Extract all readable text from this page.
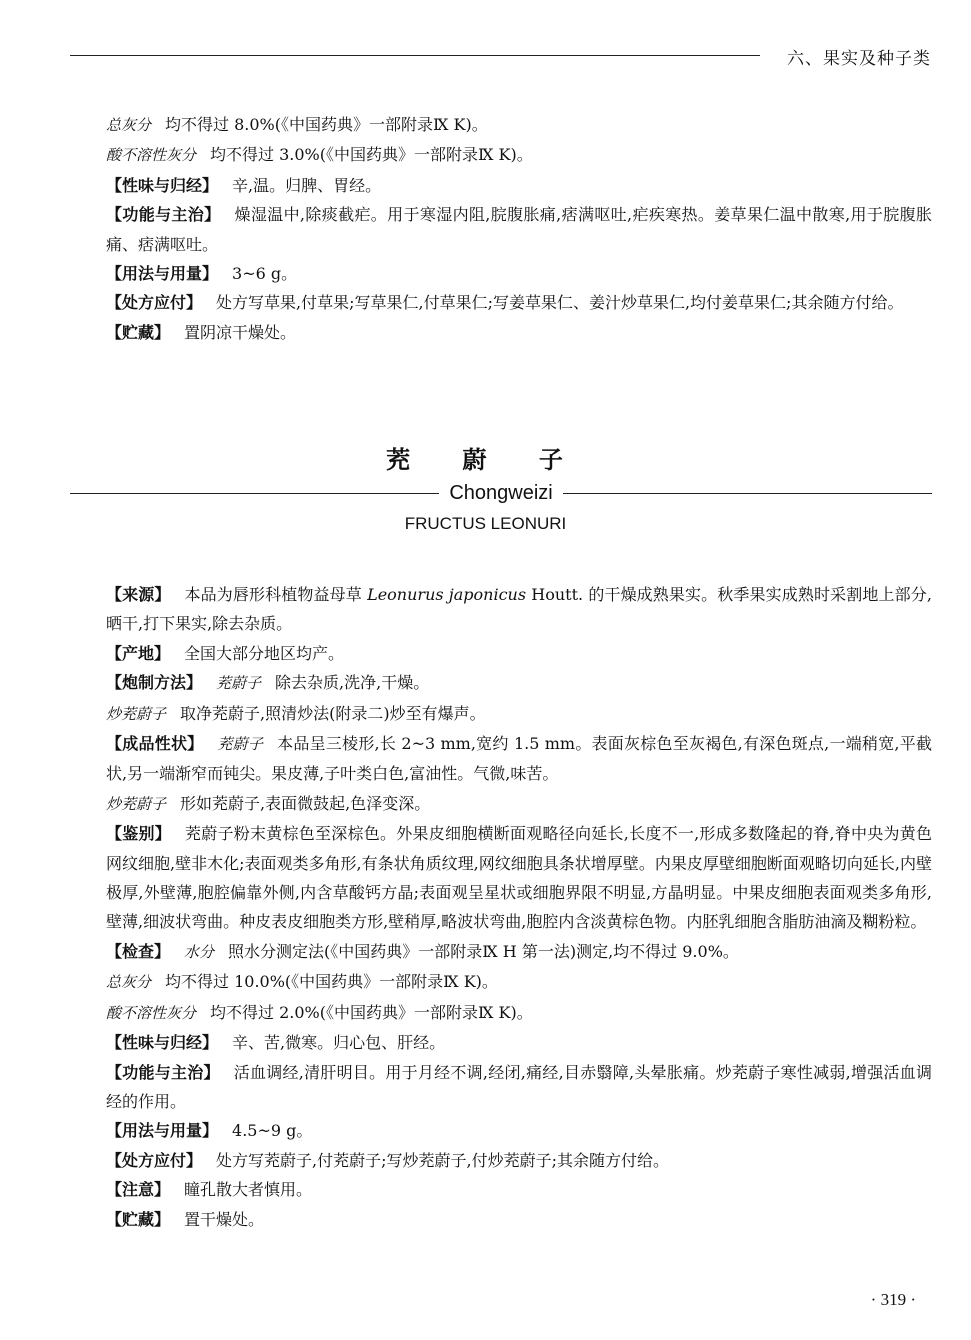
六、果实及种子类

总灰分 均不得过 8.0%(《中国药典》一部附录Ⅸ K)。

酸不溶性灰分 均不得过 3.0%(《中国药典》一部附录Ⅸ K)。

【性味与归经】 辛,温。归脾、胃经。

【功能与主治】 燥湿温中,除痰截疟。用于寒湿内阻,脘腹胀痛,痞满呕吐,疟疾寒热。姜草果仁温中散寒,用于脘腹胀痛、痞满呕吐。

【用法与用量】 3~6 g。

【处方应付】 处方写草果,付草果;写草果仁,付草果仁;写姜草果仁、姜汁炒草果仁,均付姜草果仁;其余随方付给。

【贮藏】 置阴凉干燥处。

茺 蔚 子
Chongweizi
FRUCTUS LEONURI

【来源】 本品为唇形科植物益母草 Leonurus japonicus Houtt. 的干燥成熟果实。秋季果实成熟时采割地上部分,晒干,打下果实,除去杂质。

【产地】 全国大部分地区均产。

【炮制方法】 茺蔚子 除去杂质,洗净,干燥。

炒茺蔚子 取净茺蔚子,照清炒法(附录二)炒至有爆声。

【成品性状】 茺蔚子 本品呈三棱形,长 2~3 mm,宽约 1.5 mm。表面灰棕色至灰褐色,有深色斑点,一端稍宽,平截状,另一端渐窄而钝尖。果皮薄,子叶类白色,富油性。气微,味苦。

炒茺蔚子 形如茺蔚子,表面微鼓起,色泽变深。

【鉴别】 茺蔚子粉末黄棕色至深棕色。外果皮细胞横断面观略径向延长,长度不一,形成多数隆起的脊,脊中央为黄色网纹细胞,壁非木化;表面观类多角形,有条状角质纹理,网纹细胞具条状增厚壁。内果皮厚壁细胞断面观略切向延长,内壁极厚,外壁薄,胞腔偏靠外侧,内含草酸钙方晶;表面观呈星状或细胞界限不明显,方晶明显。中果皮细胞表面观类多角形,壁薄,细波状弯曲。种皮表皮细胞类方形,壁稍厚,略波状弯曲,胞腔内含淡黄棕色物。内胚乳细胞含脂肪油滴及糊粉粒。

【检查】 水分 照水分测定法(《中国药典》一部附录Ⅸ H 第一法)测定,均不得过 9.0%。

总灰分 均不得过 10.0%(《中国药典》一部附录Ⅸ K)。

酸不溶性灰分 均不得过 2.0%(《中国药典》一部附录Ⅸ K)。

【性味与归经】 辛、苦,微寒。归心包、肝经。

【功能与主治】 活血调经,清肝明目。用于月经不调,经闭,痛经,目赤翳障,头晕胀痛。炒茺蔚子寒性减弱,增强活血调经的作用。

【用法与用量】 4.5~9 g。

【处方应付】 处方写茺蔚子,付茺蔚子;写炒茺蔚子,付炒茺蔚子;其余随方付给。

【注意】 瞳孔散大者慎用。

【贮藏】 置干燥处。

· 319 ·
